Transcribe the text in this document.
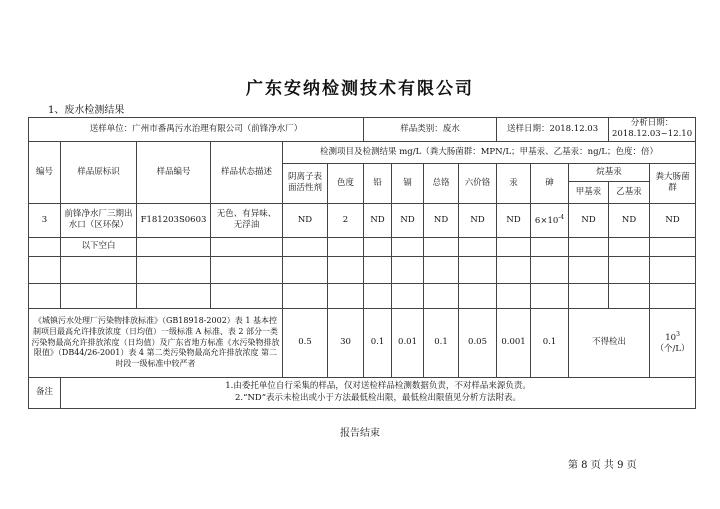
广东安纳检测技术有限公司
1、废水检测结果
送样单位：广州市番禺污水治理有限公司（前锋净水厂）						样品类别：废水				送样日期：2018.12.03			分析日期：2018.12.03~12.10	
编号	样品原标识	样品编号	样品状态描述	检测项目及检测结果 mg/L（粪大肠菌群：MPN/L；甲基汞、乙基汞：ng/L；色度：倍）										
				阴离子表面活性剂	色度	铅	镉	总铬	六价铬	汞	砷	烷基汞		粪大肠菌群
												甲基汞	乙基汞	
3	前锋净水厂三期出水口（区环保）	F181203S0603	无色、有异味、无浮油	ND	2	ND	ND	ND	ND	ND	$6\times 10^{-4}$	ND	ND	ND
	以下空白													

《城镇污水处理厂污染物排放标准》（GB18918-2002）表 1 基本控制项目最高允许排放浓度（日均值）一级标准 A 标准、表 2 部分一类污染物最高允许排放浓度（日均值）及广东省地方标准《水污染物排放限值》（DB44/26-2001）表 4 第二类污染物最高允许排放浓度 第二时段一级标准中较严者				0.5	30	0.1	0.01	0.1	0.05	0.001	0.1	不得检出		$10^3$
（个/L）
备注	1.由委托单位自行采集的样品，仅对送检样品检测数据负责，不对样品来源负责。
2.“ND”表示未检出或小于方法最低检出限，最低检出限值见分析方法附表。													
报告结束
第 8 页 共 9 页
